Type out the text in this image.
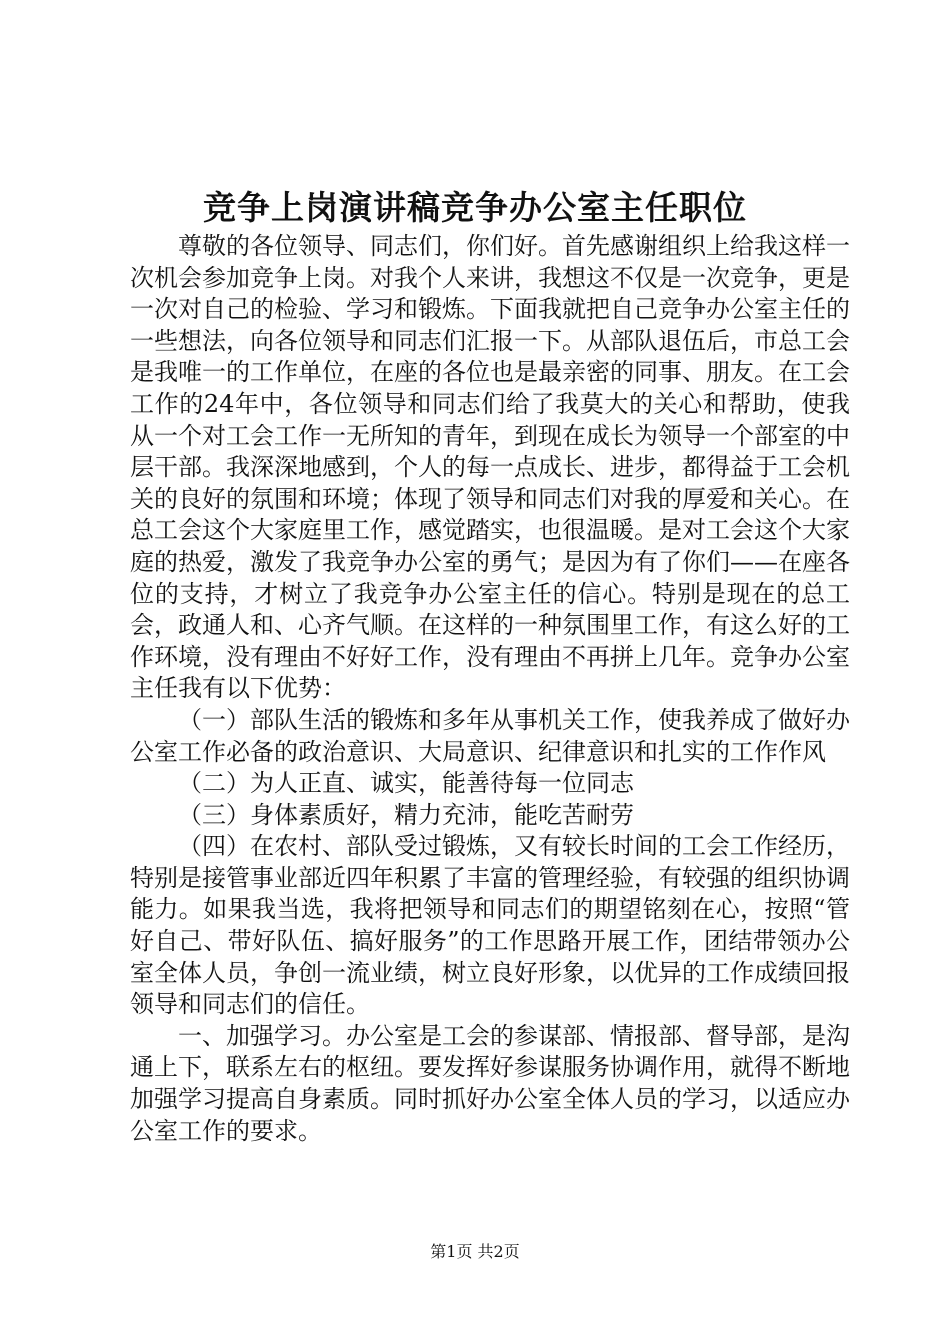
竞争上岗演讲稿竞争办公室主任职位

尊敬的各位领导、同志们，你们好。首先感谢组织上给我这样一次机会参加竞争上岗。对我个人来讲，我想这不仅是一次竞争，更是一次对自己的检验、学习和锻炼。下面我就把自己竞争办公室主任的一些想法，向各位领导和同志们汇报一下。从部队退伍后，市总工会是我唯一的工作单位，在座的各位也是最亲密的同事、朋友。在工会工作的24年中，各位领导和同志们给了我莫大的关心和帮助，使我从一个对工会工作一无所知的青年，到现在成长为领导一个部室的中层干部。我深深地感到，个人的每一点成长、进步，都得益于工会机关的良好的氛围和环境；体现了领导和同志们对我的厚爱和关心。在总工会这个大家庭里工作，感觉踏实，也很温暖。是对工会这个大家庭的热爱，激发了我竞争办公室的勇气；是因为有了你们——在座各位的支持，才树立了我竞争办公室主任的信心。特别是现在的总工会，政通人和、心齐气顺。在这样的一种氛围里工作，有这么好的工作环境，没有理由不好好工作，没有理由不再拼上几年。竞争办公室主任我有以下优势：

（一）部队生活的锻炼和多年从事机关工作，使我养成了做好办公室工作必备的政治意识、大局意识、纪律意识和扎实的工作作风

（二）为人正直、诚实，能善待每一位同志

（三）身体素质好，精力充沛，能吃苦耐劳

（四）在农村、部队受过锻炼，又有较长时间的工会工作经历，特别是接管事业部近四年积累了丰富的管理经验，有较强的组织协调能力。如果我当选，我将把领导和同志们的期望铭刻在心，按照“管好自己、带好队伍、搞好服务”的工作思路开展工作，团结带领办公室全体人员，争创一流业绩，树立良好形象，以优异的工作成绩回报领导和同志们的信任。

一、加强学习。办公室是工会的参谋部、情报部、督导部，是沟通上下，联系左右的枢纽。要发挥好参谋服务协调作用，就得不断地加强学习提高自身素质。同时抓好办公室全体人员的学习，以适应办公室工作的要求。

第1页 共2页
